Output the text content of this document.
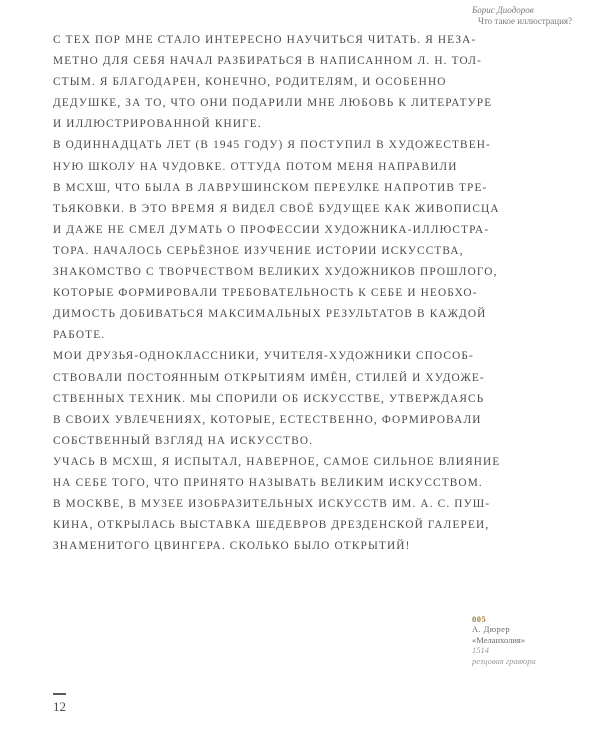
Борис Диодоров
Что такое иллюстрация?
С ТЕХ ПОР МНЕ СТАЛО ИНТЕРЕСНО НАУЧИТЬСЯ ЧИТАТЬ. Я НЕЗА-
МЕТНО ДЛЯ СЕБЯ НАЧАЛ РАЗБИРАТЬСЯ В НАПИСАННОМ Л. Н. ТОЛ-
СТЫМ. Я БЛАГОДАРЕН, КОНЕЧНО, РОДИТЕЛЯМ, И ОСОБЕННО
ДЕДУШКЕ, ЗА ТО, ЧТО ОНИ ПОДАРИЛИ МНЕ ЛЮБОВЬ К ЛИТЕРАТУРЕ
И ИЛЛЮСТРИРОВАННОЙ КНИГЕ.
В ОДИННАДЦАТЬ ЛЕТ (В 1945 ГОДУ) Я ПОСТУПИЛ В ХУДОЖЕСТВЕН-
НУЮ ШКОЛУ НА ЧУДОВКЕ. ОТТУДА ПОТОМ МЕНЯ НАПРАВИЛИ
В МСХШ, ЧТО БЫЛА В ЛАВРУШИНСКОМ ПЕРЕУЛКЕ НАПРОТИВ ТРЕ-
ТЬЯКОВКИ. В ЭТО ВРЕМЯ Я ВИДЕЛ СВОЁ БУДУЩЕЕ КАК ЖИВОПИСЦА
И ДАЖЕ НЕ СМЕЛ ДУМАТЬ О ПРОФЕССИИ ХУДОЖНИКА-ИЛЛЮСТРА-
ТОРА. НАЧАЛОСЬ СЕРЬЁЗНОЕ ИЗУЧЕНИЕ ИСТОРИИ ИСКУССТВА,
ЗНАКОМСТВО С ТВОРЧЕСТВОМ ВЕЛИКИХ ХУДОЖНИКОВ ПРОШЛОГО,
КОТОРЫЕ ФОРМИРОВАЛИ ТРЕБОВАТЕЛЬНОСТЬ К СЕБЕ И НЕОБХО-
ДИМОСТЬ ДОБИВАТЬСЯ МАКСИМАЛЬНЫХ РЕЗУЛЬТАТОВ В КАЖДОЙ
РАБОТЕ.
МОИ ДРУЗЬЯ-ОДНОКЛАССНИКИ, УЧИТЕЛЯ-ХУДОЖНИКИ СПОСОБ-
СТВОВАЛИ ПОСТОЯННЫМ ОТКРЫТИЯМ ИМЁН, СТИЛЕЙ И ХУДОЖЕ-
СТВЕННЫХ ТЕХНИК. МЫ СПОРИЛИ ОБ ИСКУССТВЕ, УТВЕРЖДАЯСЬ
В СВОИХ УВЛЕЧЕНИЯХ, КОТОРЫЕ, ЕСТЕСТВЕННО, ФОРМИРОВАЛИ
СОБСТВЕННЫЙ ВЗГЛЯД НА ИСКУССТВО.
УЧАСЬ В МСХШ, Я ИСПЫТАЛ, НАВЕРНОЕ, САМОЕ СИЛЬНОЕ ВЛИЯНИЕ
НА СЕБЕ ТОГО, ЧТО ПРИНЯТО НАЗЫВАТЬ ВЕЛИКИМ ИСКУССТВОМ.
В МОСКВЕ, В МУЗЕЕ ИЗОБРАЗИТЕЛЬНЫХ ИСКУССТВ ИМ. А. С. ПУШ-
КИНА, ОТКРЫЛАСЬ ВЫСТАВКА ШЕДЕВРОВ ДРЕЗДЕНСКОЙ ГАЛЕРЕИ,
ЗНАМЕНИТОГО ЦВИНГЕРА. СКОЛЬКО БЫЛО ОТКРЫТИЙ!
005
А. Дюрер
«Меланхолия»
1514
резцовая гравюра
12
